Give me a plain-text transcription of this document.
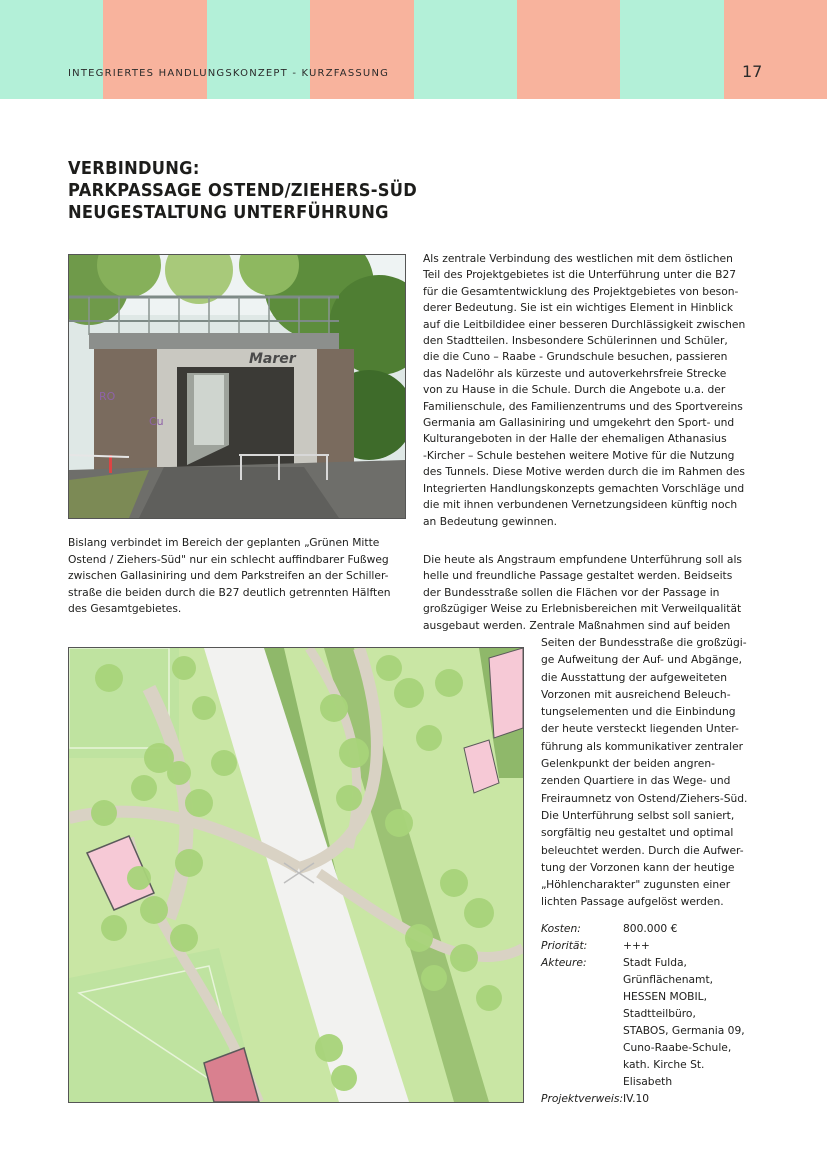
INTEGRIERTES HANDLUNGSKONZEPT - KURZFASSUNG	17
VERBINDUNG:
PARKPASSAGE OSTEND/ZIEHERS-SÜD
NEUGESTALTUNG UNTERFÜHRUNG
Marer
RO
Cu
Bislang verbindet im Bereich der geplanten „Grünen Mitte
Ostend / Ziehers-Süd" nur ein schlecht auffindbarer Fußweg
zwischen Gallasiniring und dem Parkstreifen an der Schiller-
straße die beiden durch die B27 deutlich getrennten Hälften
des Gesamtgebietes.
Als zentrale Verbindung des westlichen mit dem östlichen
Teil des Projektgebietes ist die Unterführung unter die B27
für die Gesamtentwicklung des Projektgebietes von beson-
derer Bedeutung. Sie ist ein wichtiges Element in Hinblick
auf die Leitbildidee einer besseren Durchlässigkeit zwischen
den Stadtteilen. Insbesondere Schülerinnen und Schüler,
die die Cuno – Raabe - Grundschule besuchen, passieren
das Nadelöhr als kürzeste und autoverkehrsfreie Strecke
von zu Hause in die Schule. Durch die Angebote u.a. der
Familienschule, des Familienzentrums und des Sportvereins
Germania am Gallasiniring und umgekehrt den Sport- und
Kulturangeboten in der Halle der ehemaligen Athanasius
-Kircher – Schule bestehen weitere Motive für die Nutzung
des Tunnels. Diese Motive werden durch die im Rahmen des
Integrierten Handlungskonzepts gemachten Vorschläge und
die mit ihnen verbundenen Vernetzungsideen künftig noch
an Bedeutung gewinnen.
Die heute als Angstraum empfundene Unterführung soll als
helle und freundliche Passage gestaltet werden. Beidseits
der Bundesstraße sollen die Flächen vor der Passage in
großzügiger Weise zu Erlebnisbereichen mit Verweilqualität
ausgebaut werden. Zentrale Maßnahmen sind auf beiden
Seiten der Bundesstraße die großzügi-
ge Aufweitung der Auf- und Abgänge,
die Ausstattung der aufgeweiteten
Vorzonen mit ausreichend Beleuch-
tungselementen und die Einbindung
der heute versteckt liegenden Unter-
führung als kommunikativer zentraler
Gelenkpunkt der beiden angren-
zenden Quartiere in das Wege- und
Freiraumnetz von Ostend/Ziehers-Süd.
Die Unterführung selbst soll saniert,
sorgfältig neu gestaltet und optimal
beleuchtet werden. Durch die Aufwer-
tung der Vorzonen kann der heutige
„Höhlencharakter" zugunsten einer
lichten Passage aufgelöst werden.
Kosten:	800.000 €
Priorität:	+++
Akteure:	Stadt Fulda,
Grünflächenamt,
HESSEN MOBIL,
Stadtteilbüro,
STABOS, Germania 09,
Cuno-Raabe-Schule,
kath. Kirche St.
Elisabeth
Projektverweis: IV.10
